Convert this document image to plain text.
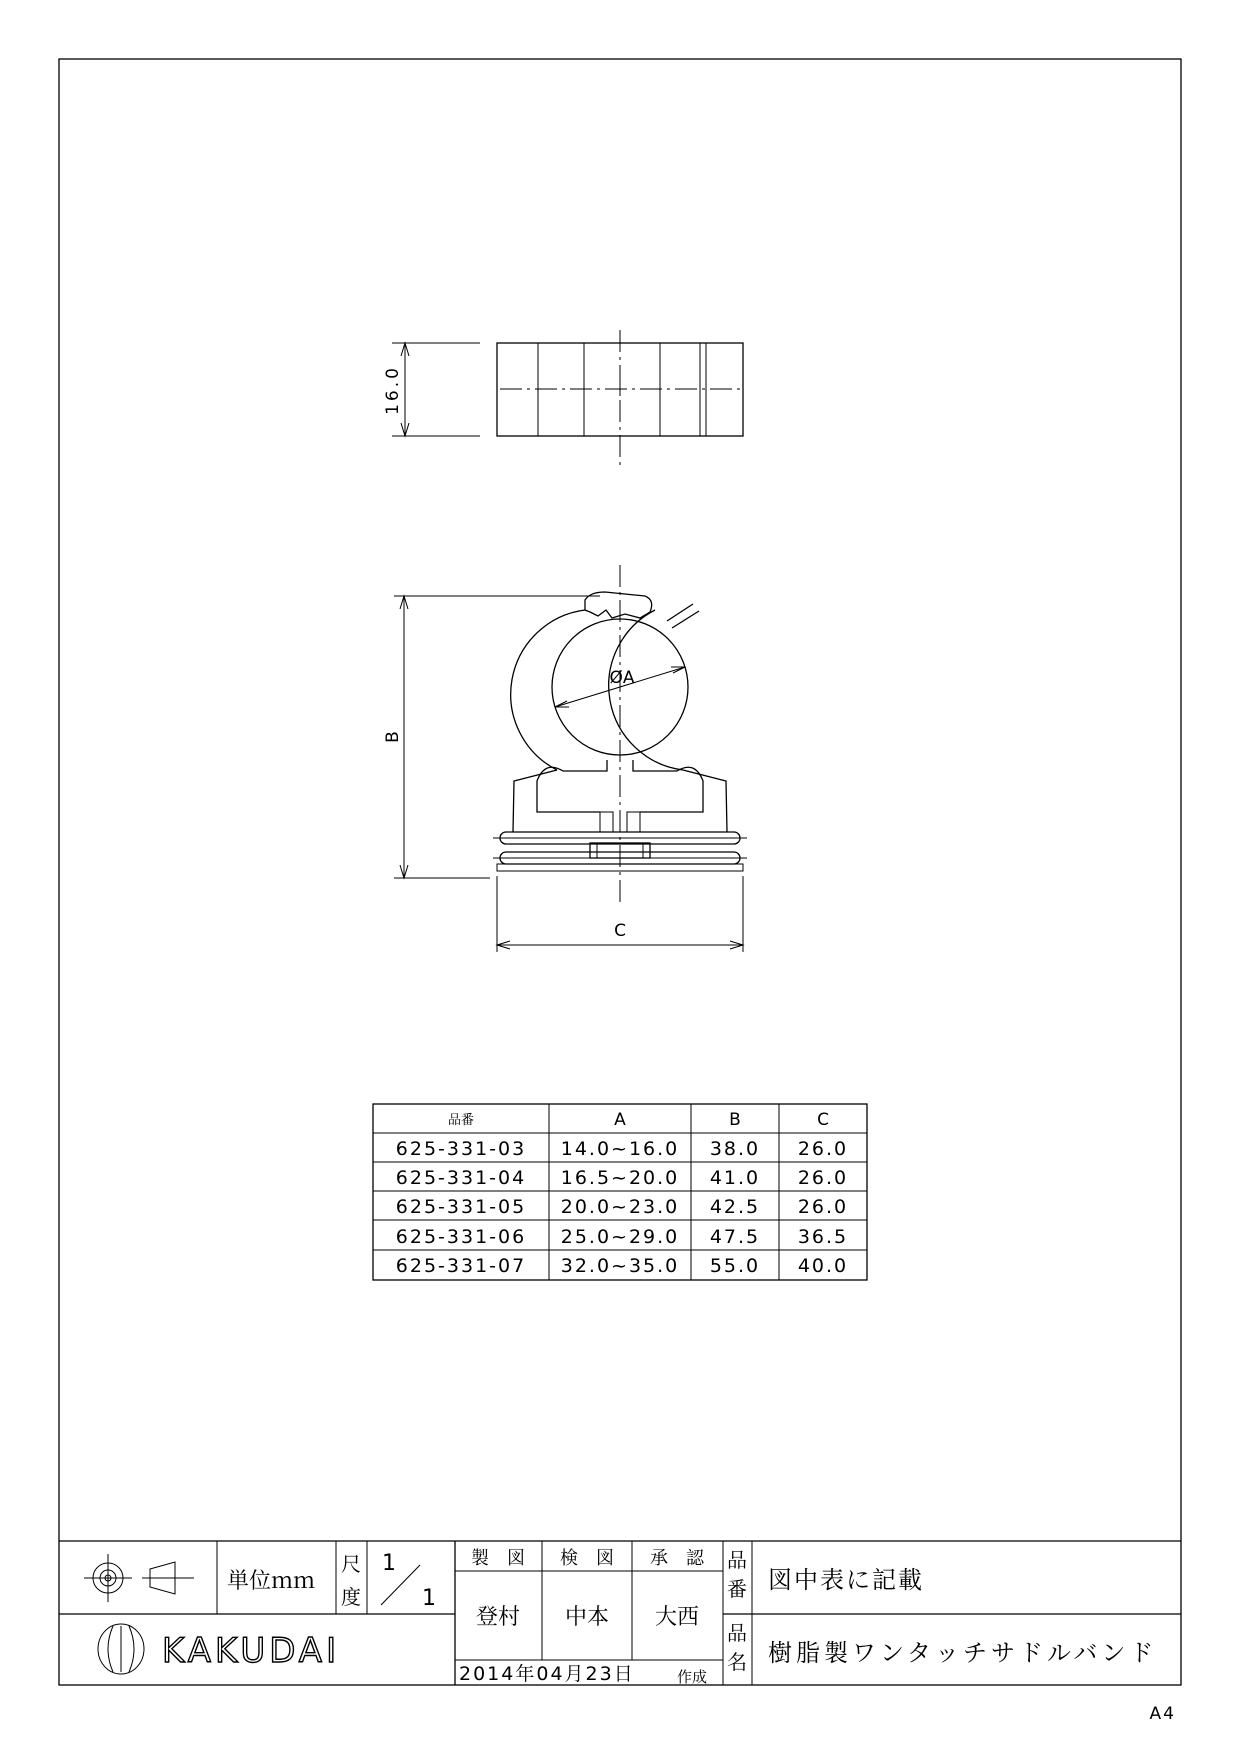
16.0
ØA
B
C
品番	A	B	C
625-331-03 14.0~16.0 38.0 26.0
625-331-04 16.5~20.0 41.0 26.0
625-331-05 20.0~23.0 42.5 26.0
625-331-06 25.0~29.0 47.5 36.5
625-331-07 32.0~35.0 55.0 40.0
単位ｍｍ
尺
度
1
1
製　図 検　図 承　認
登村 中本 大西
2014年04月23日	作成
品
番
品
名
図中表に記載
樹脂製ワンタッチサドルバンド
KAKUDAI
A4
